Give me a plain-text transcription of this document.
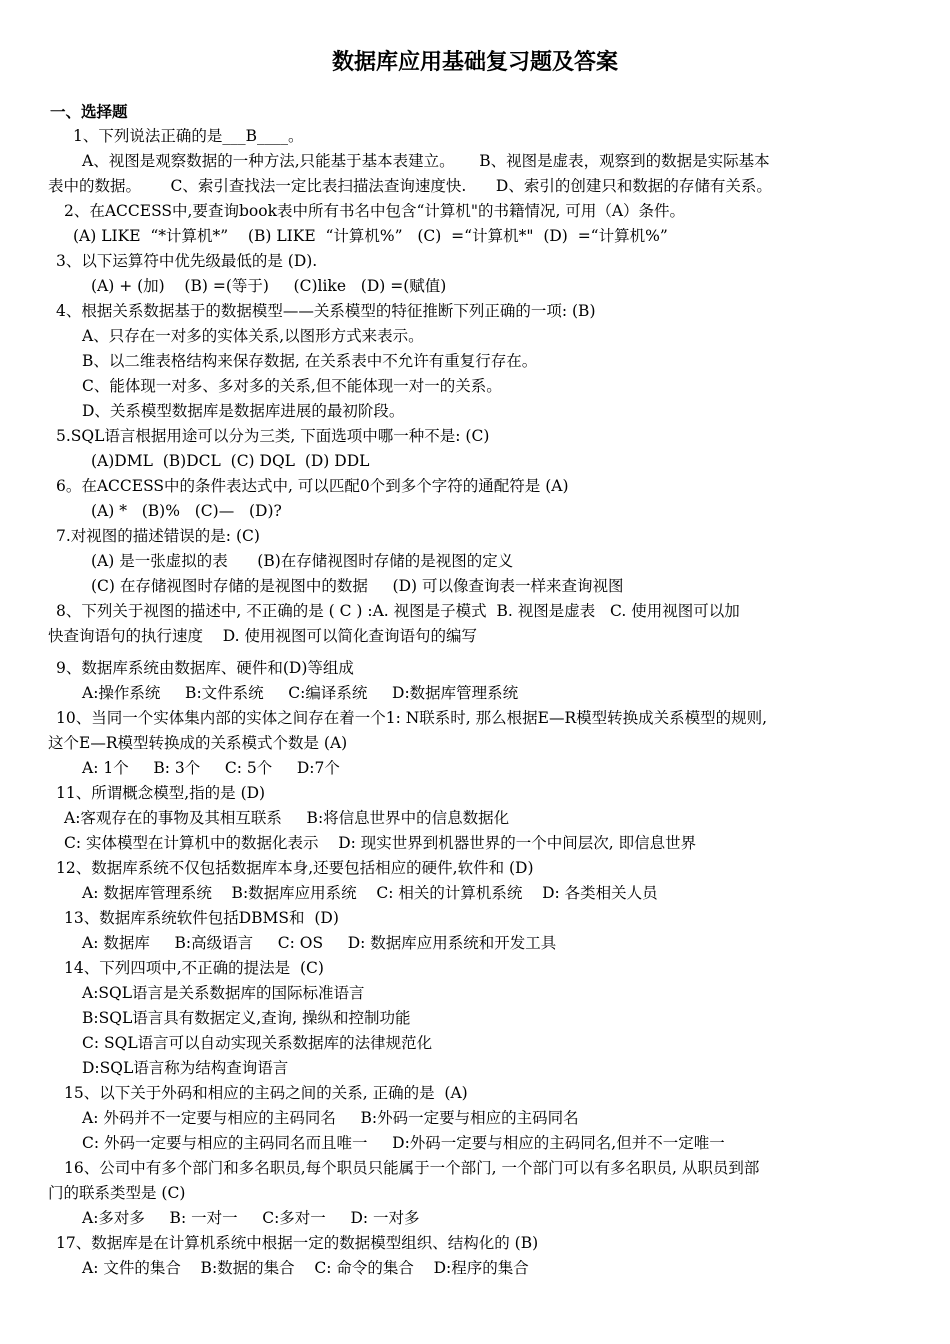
数据库应用基础复习题及答案
一、选择题
1、下列说法正确的是___B____。
A、视图是观察数据的一种方法,只能基于基本表建立。     B、视图是虚表，观察到的数据是实际基本
表中的数据。      C、索引查找法一定比表扫描法查询速度快.      D、索引的创建只和数据的存储有关系。
2、在ACCESS中,要查询book表中所有书名中包含“计算机"的书籍情况, 可用（A）条件。
(A) LIKE  “*计算机*”    (B) LIKE  “计算机%”   (C)  =“计算机*"  (D)  =“计算机%”
3、以下运算符中优先级最低的是 (D).
(A) + (加)    (B) =(等于)     (C)like   (D) =(赋值)
4、根据关系数据基于的数据模型——关系模型的特征推断下列正确的一项: (B)
A、只存在一对多的实体关系,以图形方式来表示。
B、以二维表格结构来保存数据, 在关系表中不允许有重复行存在。
C、能体现一对多、多对多的关系,但不能体现一对一的关系。
D、关系模型数据库是数据库进展的最初阶段。
5.SQL语言根据用途可以分为三类, 下面选项中哪一种不是: (C)
(A)DML  (B)DCL  (C) DQL  (D) DDL
6。在ACCESS中的条件表达式中, 可以匹配0个到多个字符的通配符是 (A)
(A) *   (B)%   (C)—   (D)?
7.对视图的描述错误的是: (C)
(A) 是一张虚拟的表      (B)在存储视图时存储的是视图的定义
(C) 在存储视图时存储的是视图中的数据     (D) 可以像查询表一样来查询视图
8、下列关于视图的描述中, 不正确的是 ( C ) :A. 视图是子模式  B. 视图是虚表   C. 使用视图可以加
快查询语句的执行速度    D. 使用视图可以简化查询语句的编写
9、数据库系统由数据库、硬件和(D)等组成
A:操作系统     B:文件系统     C:编译系统     D:数据库管理系统
10、当同一个实体集内部的实体之间存在着一个1: N联系时, 那么根据E—R模型转换成关系模型的规则,
这个E—R模型转换成的关系模式个数是 (A)
A: 1个     B: 3个     C: 5个     D:7个
11、所谓概念模型,指的是 (D)
A:客观存在的事物及其相互联系     B:将信息世界中的信息数据化
C: 实体模型在计算机中的数据化表示    D: 现实世界到机器世界的一个中间层次, 即信息世界
12、数据库系统不仅包括数据库本身,还要包括相应的硬件,软件和 (D)
A: 数据库管理系统    B:数据库应用系统    C: 相关的计算机系统    D: 各类相关人员
13、数据库系统软件包括DBMS和  (D)
A: 数据库     B:高级语言     C: OS     D: 数据库应用系统和开发工具
14、下列四项中,不正确的提法是  (C)
A:SQL语言是关系数据库的国际标准语言
B:SQL语言具有数据定义,查询, 操纵和控制功能
C: SQL语言可以自动实现关系数据库的法律规范化
D:SQL语言称为结构查询语言
15、以下关于外码和相应的主码之间的关系, 正确的是  (A)
A: 外码并不一定要与相应的主码同名     B:外码一定要与相应的主码同名
C: 外码一定要与相应的主码同名而且唯一     D:外码一定要与相应的主码同名,但并不一定唯一
16、公司中有多个部门和多名职员,每个职员只能属于一个部门, 一个部门可以有多名职员, 从职员到部
门的联系类型是 (C)
A:多对多     B: 一对一     C:多对一     D: 一对多
17、数据库是在计算机系统中根据一定的数据模型组织、结构化的 (B)
A: 文件的集合    B:数据的集合    C: 命令的集合    D:程序的集合
